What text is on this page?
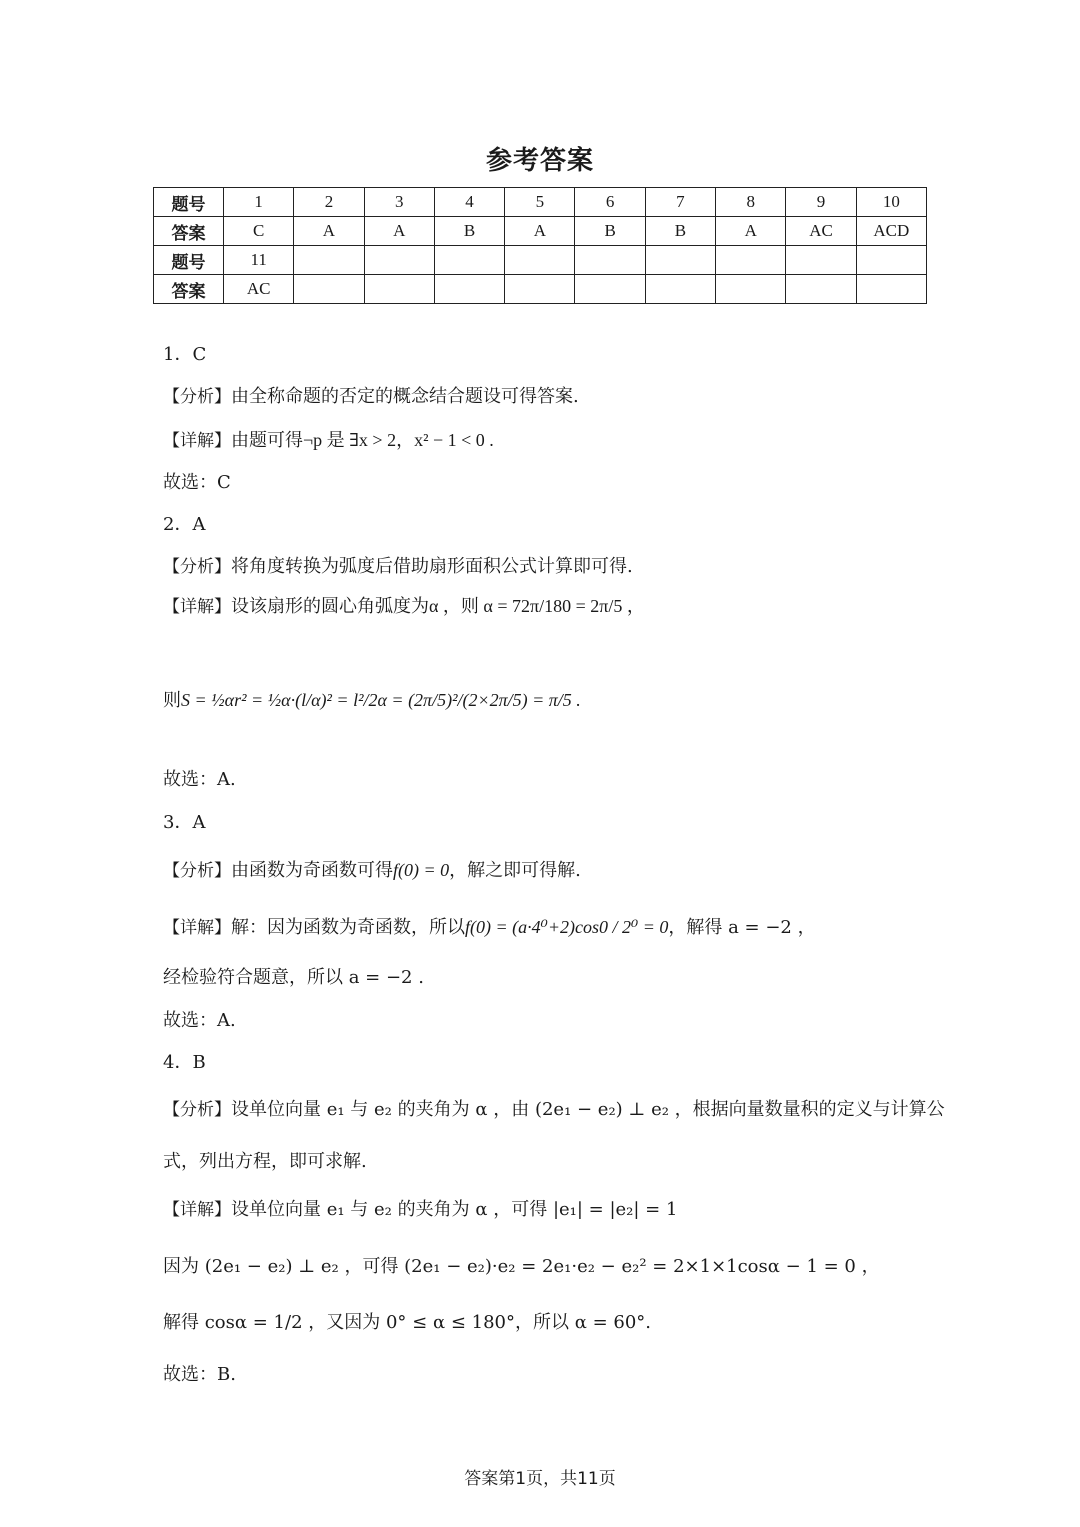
参考答案
题号	1	2	3	4	5	6	7	8	9	10
答案	C	A	A	B	A	B	B	A	AC	ACD
题号	11									
答案	AC									
1．C
【分析】由全称命题的否定的概念结合题设可得答案.
【详解】由题可得¬p 是 ∃x > 2，x² − 1 < 0 .
故选：C
2．A
【分析】将角度转换为弧度后借助扇形面积公式计算即可得.
【详解】设该扇形的圆心角弧度为α ，则 α = 72π/180 = 2π/5 ，
则S = ½αr² = ½α·(l/α)² = l²/2α = (2π/5)²/(2×2π/5) = π/5 .
故选：A.
3．A
【分析】由函数为奇函数可得f(0) = 0，解之即可得解.
【详解】解：因为函数为奇函数，所以f(0) = (a·4⁰+2)cos0 / 2⁰ = 0，解得 a = −2 ，
经检验符合题意，所以 a = −2 .
故选：A.
4．B
【分析】设单位向量 e₁ 与 e₂ 的夹角为 α ，由 (2e₁ − e₂) ⊥ e₂ ，根据向量数量积的定义与计算公
式，列出方程，即可求解.
【详解】设单位向量 e₁ 与 e₂ 的夹角为 α ，可得 |e₁| = |e₂| = 1
因为 (2e₁ − e₂) ⊥ e₂ ，可得 (2e₁ − e₂)·e₂ = 2e₁·e₂ − e₂² = 2×1×1cosα − 1 = 0 ，
解得 cosα = 1/2 ，又因为 0° ≤ α ≤ 180°，所以 α = 60°.
故选：B.
答案第1页，共11页
